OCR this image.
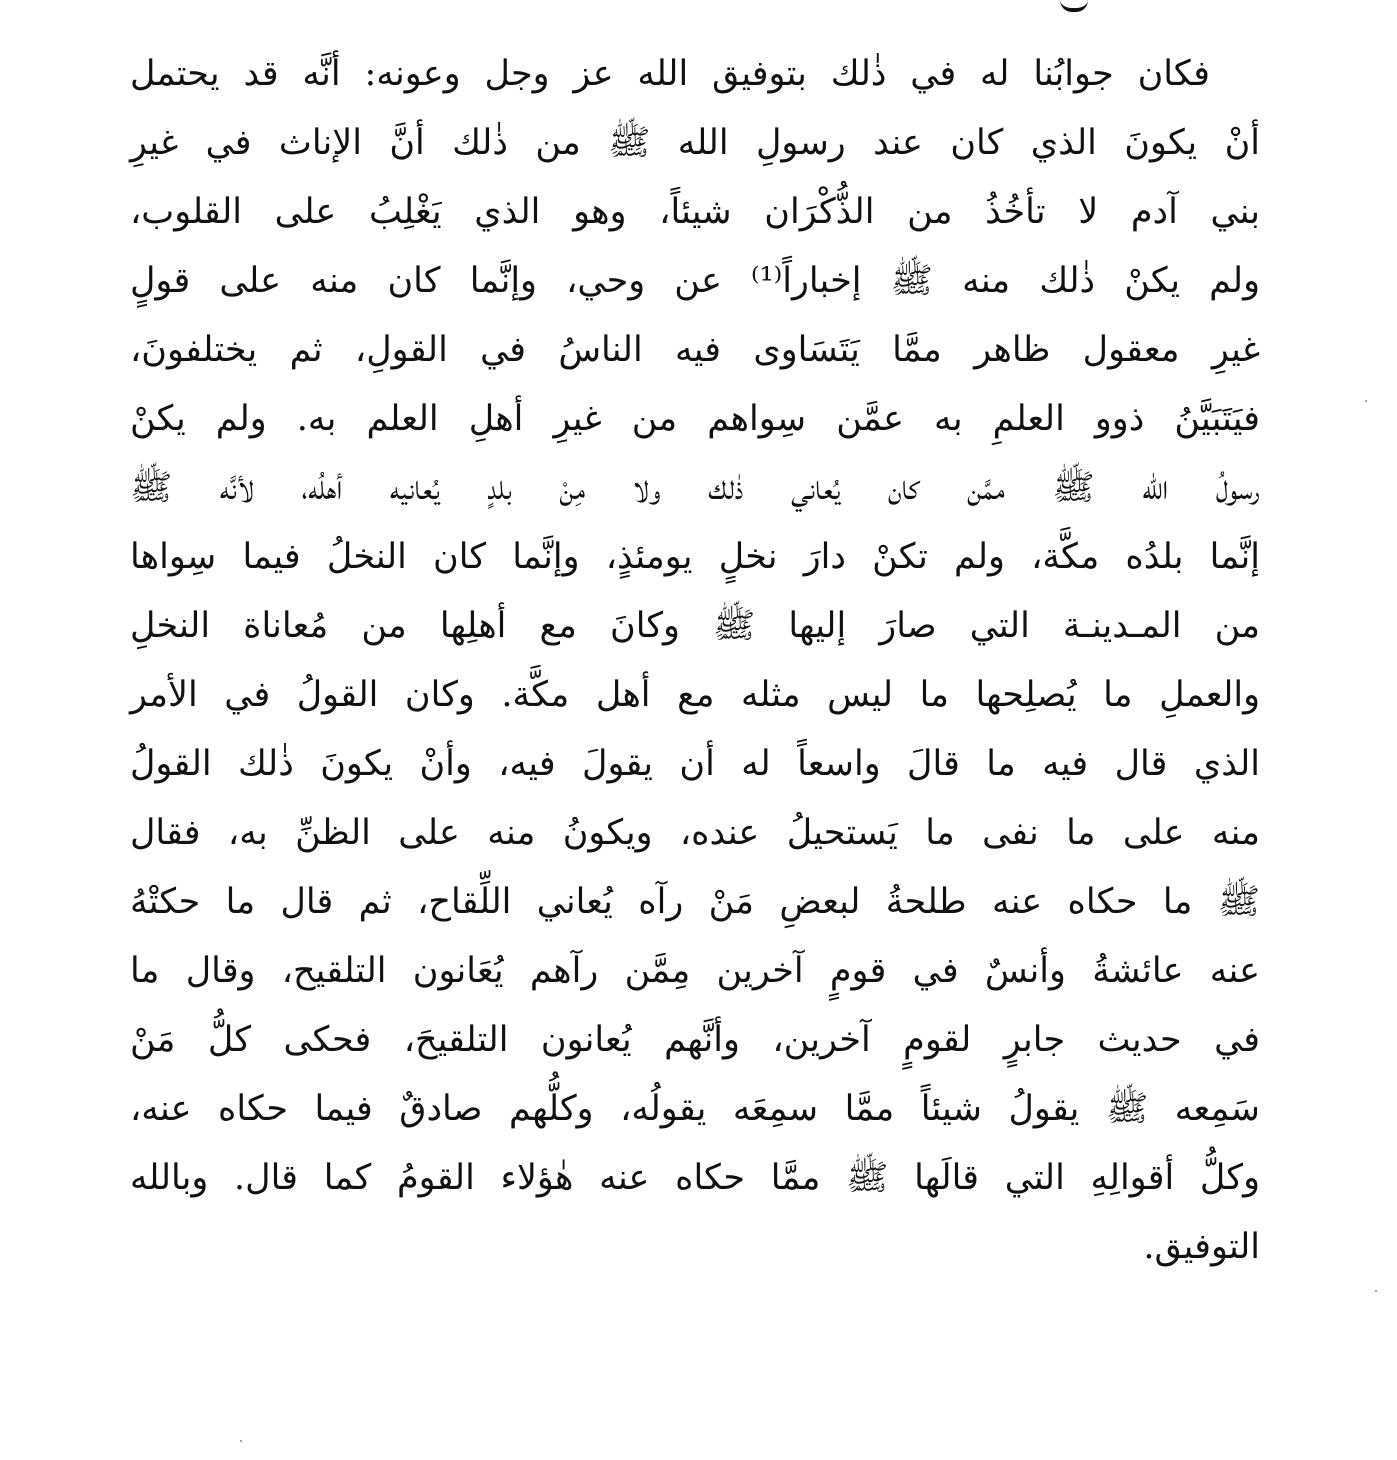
فكان جوابُنا له في ذٰلك بتوفيق الله عز وجل وعونه: أنَّه قد يحتمل
أنْ يكونَ الذي كان عند رسولِ الله ﷺ من ذٰلك أنَّ الإناث في غيرِ
بني آدم لا تأخُذُ من الذُّكْرَان شيئاً، وهو الذي يَغْلِبُ على القلوب،
ولم يكنْ ذٰلك منه ﷺ إخباراً⁽¹⁾ عن وحي، وإنَّما كان منه على قولٍ
غيرِ معقول ظاهر ممَّا يَتَسَاوى فيه الناسُ في القولِ، ثم يختلفونَ،
فيَتَبَيَّنُ ذوو العلمِ به عمَّن سِواهم من غيرِ أهلِ العلم به. ولم يكنْ
رسولُ الله ﷺ ممَّن كان يُعاني ذٰلك ولا مِنْ بلدٍ يُعانيه أهلُه، لأنَّه ﷺ
إنَّما بلدُه مكَّة، ولم تكنْ دارَ نخلٍ يومئذٍ، وإنَّما كان النخلُ فيما سِواها
من المـدينـة التي صارَ إليها ﷺ وكانَ مع أهلِها من مُعاناة النخلِ
والعملِ ما يُصلِحها ما ليس مثله مع أهل مكَّة. وكان القولُ في الأمر
الذي قال فيه ما قالَ واسعاً له أن يقولَ فيه، وأنْ يكونَ ذٰلك القولُ
منه على ما نفى ما يَستحيلُ عنده، ويكونُ منه على الظنِّ به، فقال
ﷺ ما حكاه عنه طلحةُ لبعضِ مَنْ رآه يُعاني اللِّقاح، ثم قال ما حكتْهُ
عنه عائشةُ وأنسٌ في قومٍ آخرين مِمَّن رآهم يُعَانون التلقيح، وقال ما
في حديث جابرٍ لقومٍ آخرين، وأنَّهم يُعانون التلقيحَ، فحكى كلُّ مَنْ
سَمِعه ﷺ يقولُ شيئاً ممَّا سمِعَه يقولُه، وكلُّهم صادقٌ فيما حكاه عنه،
وكلُّ أقوالِهِ التي قالَها ﷺ ممَّا حكاه عنه هٰؤلاء القومُ كما قال. وبالله
التوفيق.
